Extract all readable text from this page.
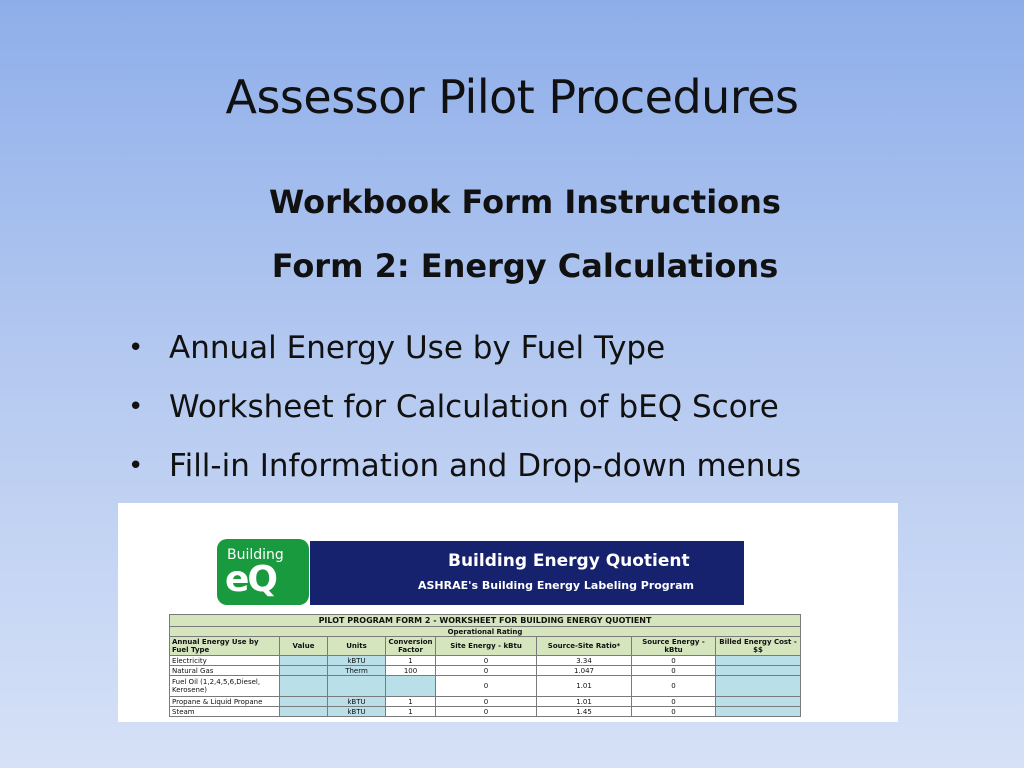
Assessor Pilot Procedures
Workbook Form Instructions
Form 2: Energy Calculations
• Annual Energy Use by Fuel Type
• Worksheet for Calculation of bEQ Score
• Fill-in Information and Drop-down menus
Building
eQ	Building Energy Quotient
ASHRAE's Building Energy Labeling Program
PILOT PROGRAM FORM 2 - WORKSHEET FOR BUILDING ENERGY QUOTIENT							
Operational Rating							
Annual Energy Use by Fuel Type	Value	Units	Conversion Factor	Site Energy - kBtu	Source-Site Ratio*	Source Energy - kBtu	Billed Energy Cost - $$
Electricity		kBTU	1	0	3.34	0	
Natural Gas		Therm	100	0	1.047	0	
Fuel Oil (1,2,4,5,6,Diesel, Kerosene)				0	1.01	0	
Propane & Liquid Propane		kBTU	1	0	1.01	0	
Steam		kBTU	1	0	1.45	0	
